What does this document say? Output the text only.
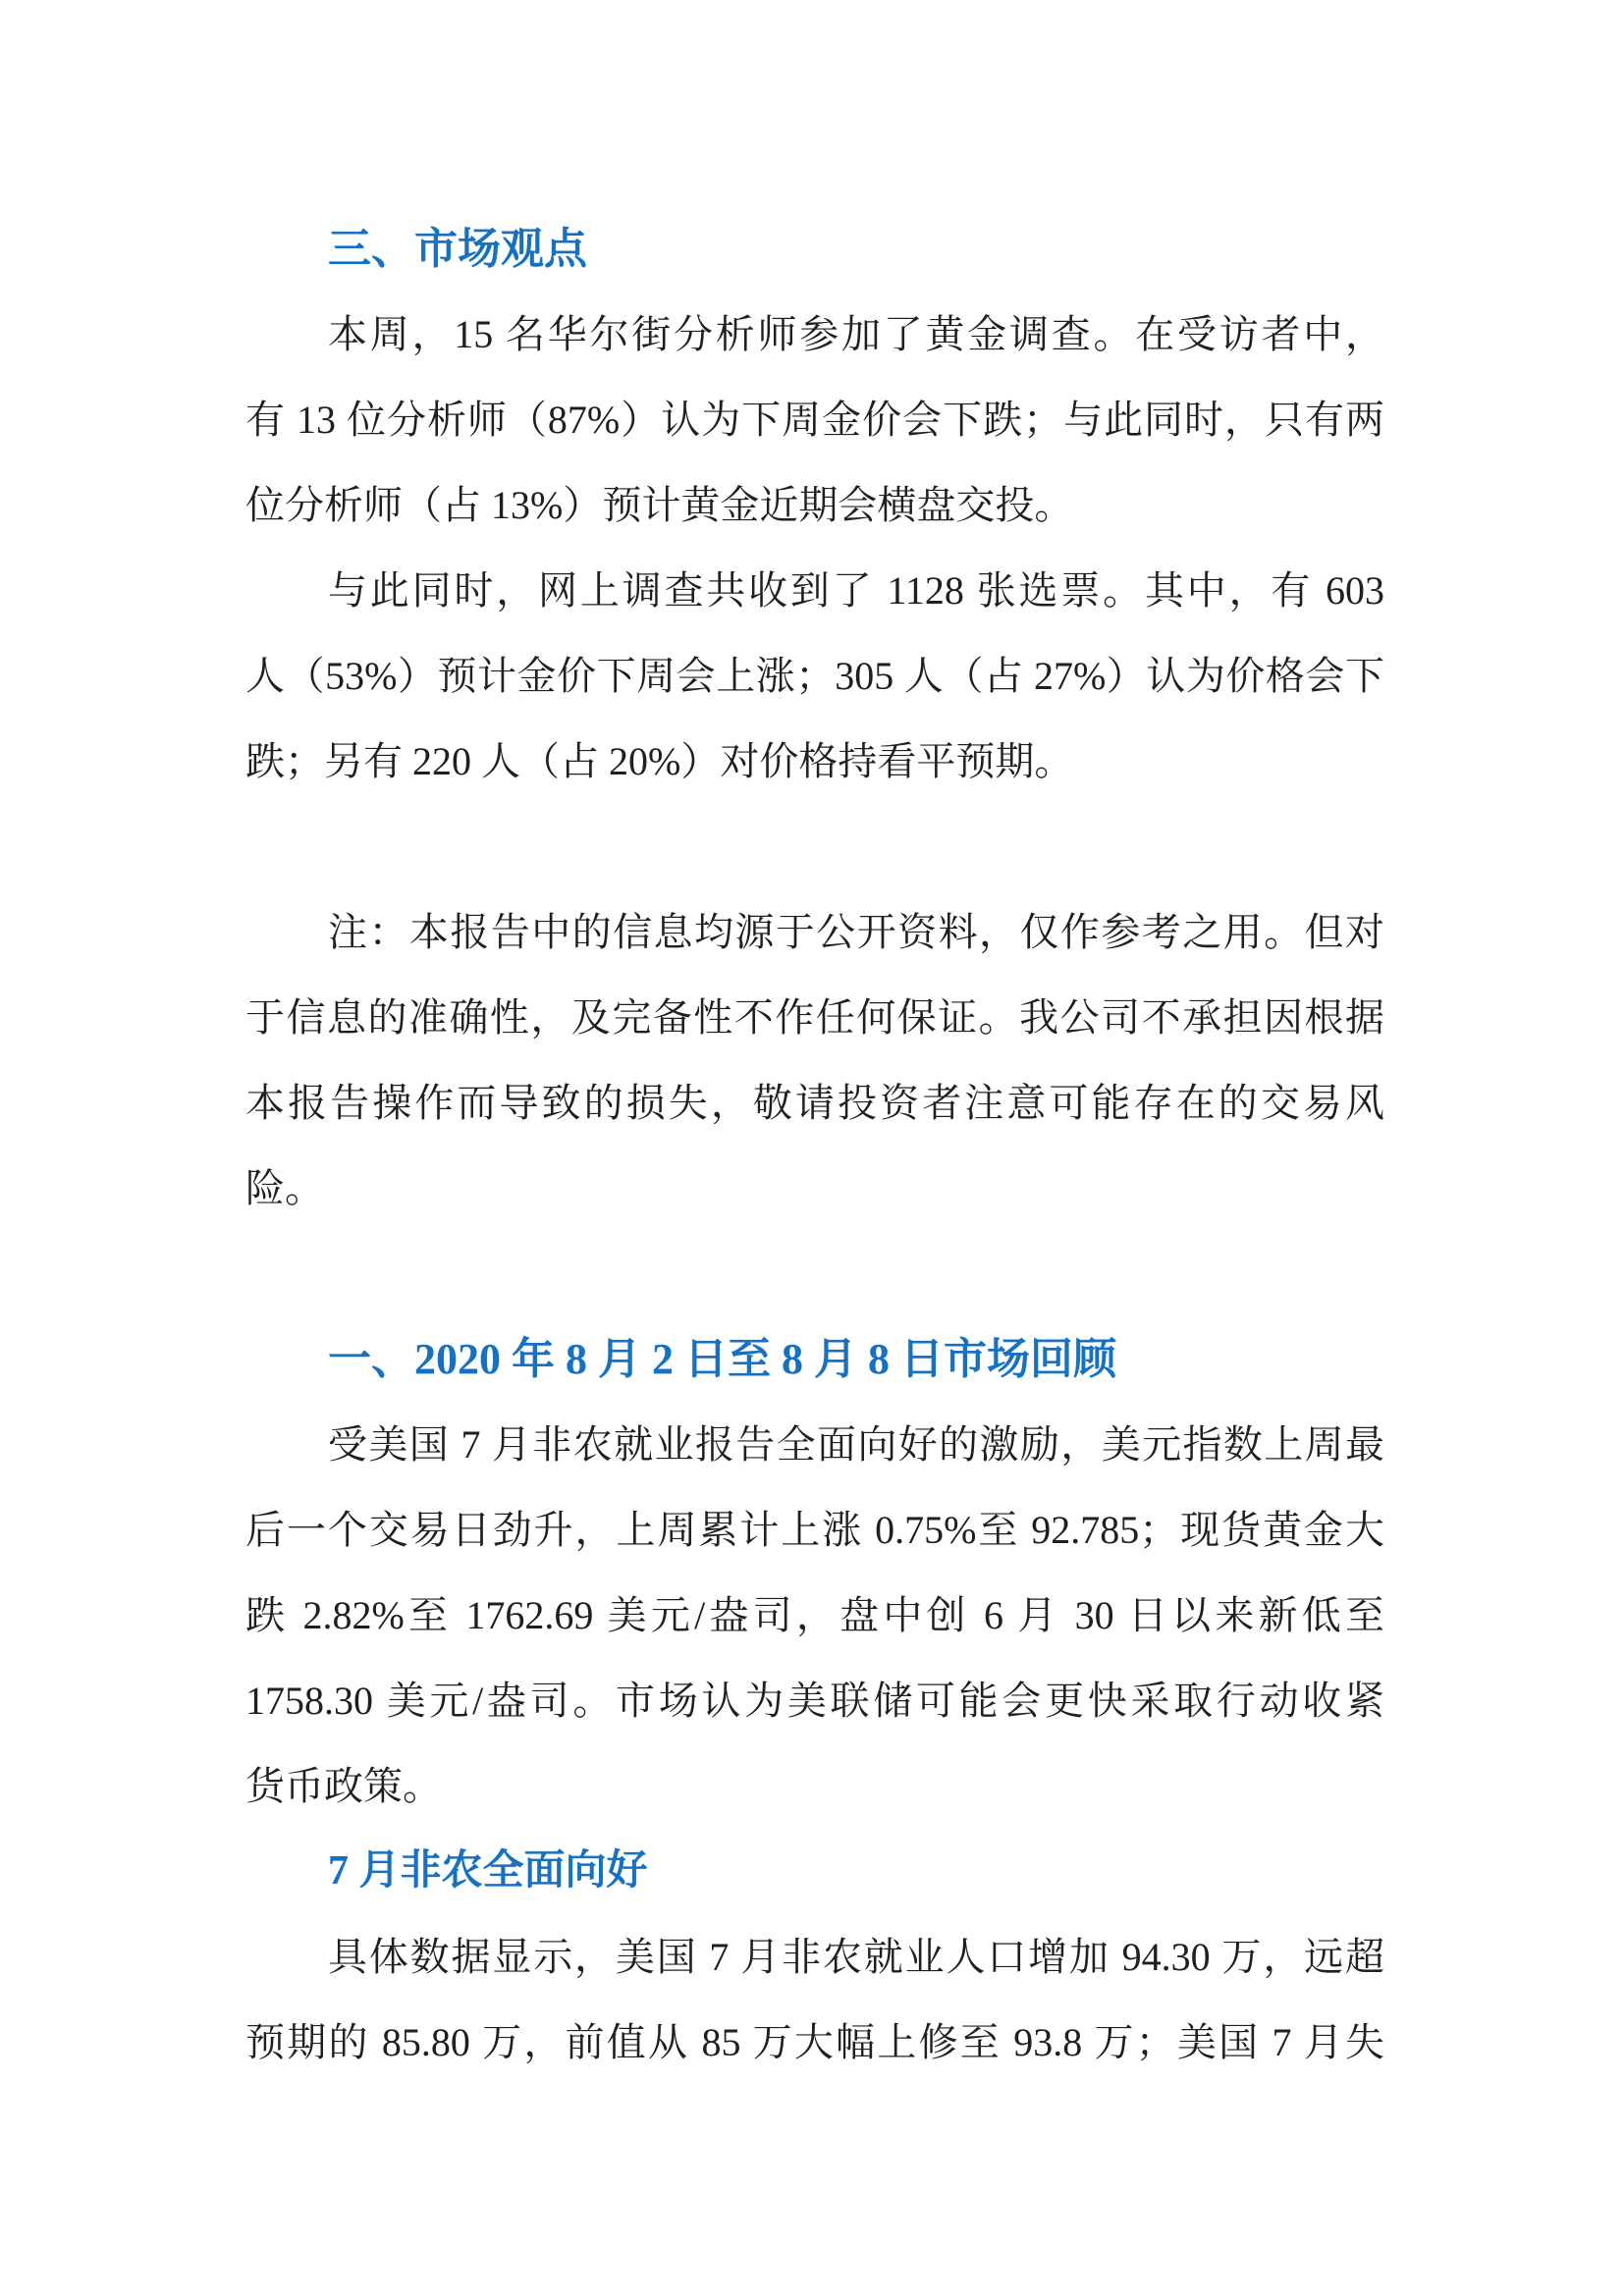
三、市场观点
本周，15 名华尔街分析师参加了黄金调查。在受访者中，
有 13 位分析师（87%）认为下周金价会下跌；与此同时，只有两
位分析师（占 13%）预计黄金近期会横盘交投。
与此同时，网上调查共收到了 1128 张选票。其中，有 603
人（53%）预计金价下周会上涨；305 人（占 27%）认为价格会下
跌；另有 220 人（占 20%）对价格持看平预期。
注：本报告中的信息均源于公开资料，仅作参考之用。但对
于信息的准确性，及完备性不作任何保证。我公司不承担因根据
本报告操作而导致的损失，敬请投资者注意可能存在的交易风
险。
一、2020 年 8 月 2 日至 8 月 8 日市场回顾
受美国 7 月非农就业报告全面向好的激励，美元指数上周最
后一个交易日劲升，上周累计上涨 0.75%至 92.785；现货黄金大
跌 2.82%至 1762.69 美元/盎司，盘中创 6 月 30 日以来新低至
1758.30 美元/盎司。市场认为美联储可能会更快采取行动收紧
货币政策。
7 月非农全面向好
具体数据显示，美国 7 月非农就业人口增加 94.30 万，远超
预期的 85.80 万，前值从 85 万大幅上修至 93.8 万；美国 7 月失
